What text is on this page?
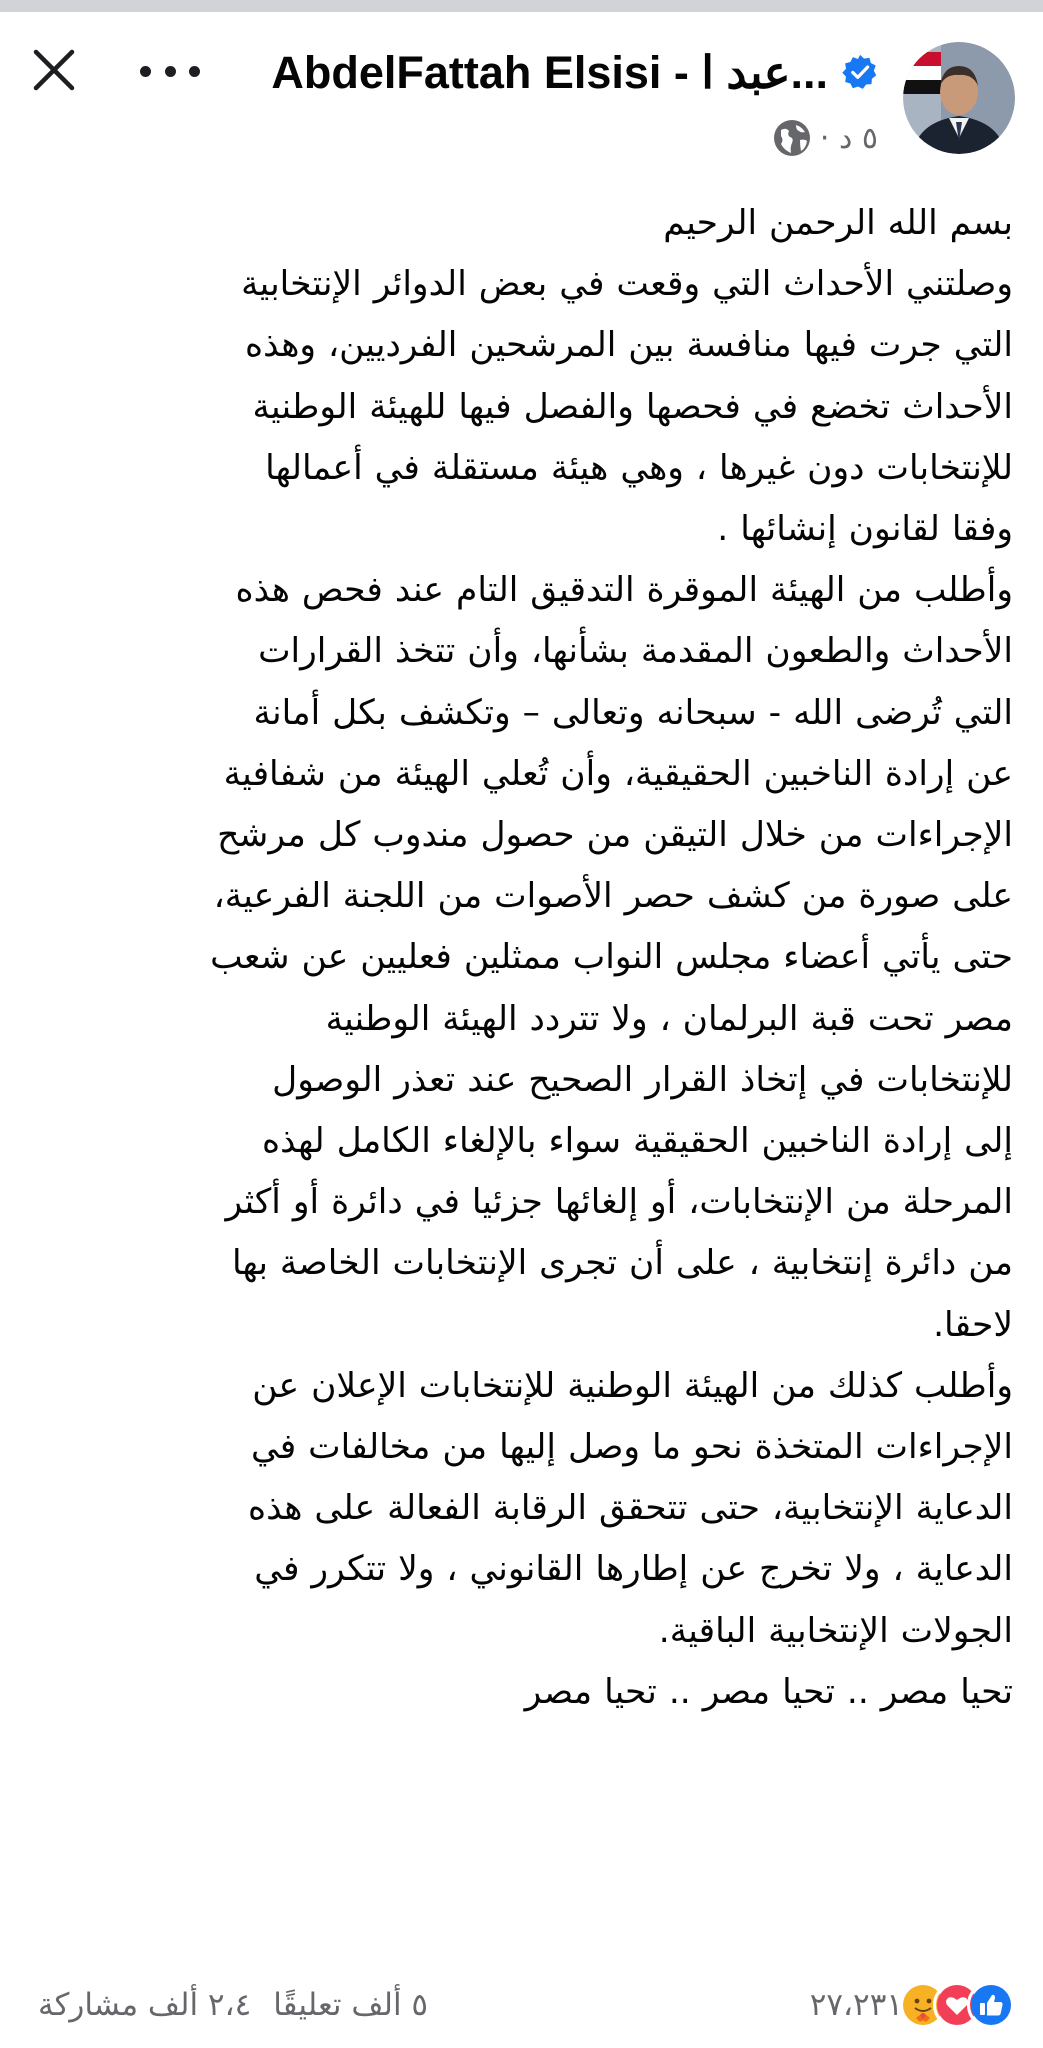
AbdelFattah Elsisi - عبد ا...
٥ د ·
بسم الله الرحمن الرحيم
وصلتني الأحداث التي وقعت في بعض الدوائر الإنتخابية
التي جرت فيها منافسة بين المرشحين الفرديين، وهذه
الأحداث تخضع في فحصها والفصل فيها للهيئة الوطنية
للإنتخابات دون غيرها ، وهي هيئة مستقلة في أعمالها
وفقا لقانون إنشائها .
وأطلب من الهيئة الموقرة التدقيق التام عند فحص هذه
الأحداث والطعون المقدمة بشأنها، وأن تتخذ القرارات
التي تُرضى الله - سبحانه وتعالى – وتكشف بكل أمانة
عن إرادة الناخبين الحقيقية، وأن تُعلي الهيئة من شفافية
الإجراءات من خلال التيقن من حصول مندوب كل مرشح
على صورة من كشف حصر الأصوات من اللجنة الفرعية،
حتى يأتي أعضاء مجلس النواب ممثلين فعليين عن شعب
مصر تحت قبة البرلمان ، ولا تتردد الهيئة الوطنية
للإنتخابات في إتخاذ القرار الصحيح عند تعذر الوصول
إلى إرادة الناخبين الحقيقية سواء بالإلغاء الكامل لهذه
المرحلة من الإنتخابات، أو إلغائها جزئيا في دائرة أو أكثر
من دائرة إنتخابية ، على أن تجرى الإنتخابات الخاصة بها
لاحقا.
وأطلب كذلك من الهيئة الوطنية للإنتخابات الإعلان عن
الإجراءات المتخذة نحو ما وصل إليها من مخالفات في
الدعاية الإنتخابية، حتى تتحقق الرقابة الفعالة على هذه
الدعاية ، ولا تخرج عن إطارها القانوني ، ولا تتكرر في
الجولات الإنتخابية الباقية.
تحيا مصر .. تحيا مصر .. تحيا مصر
٥ ألف تعليقًا
٢،٤ ألف مشاركة	٢٧،٢٣١
